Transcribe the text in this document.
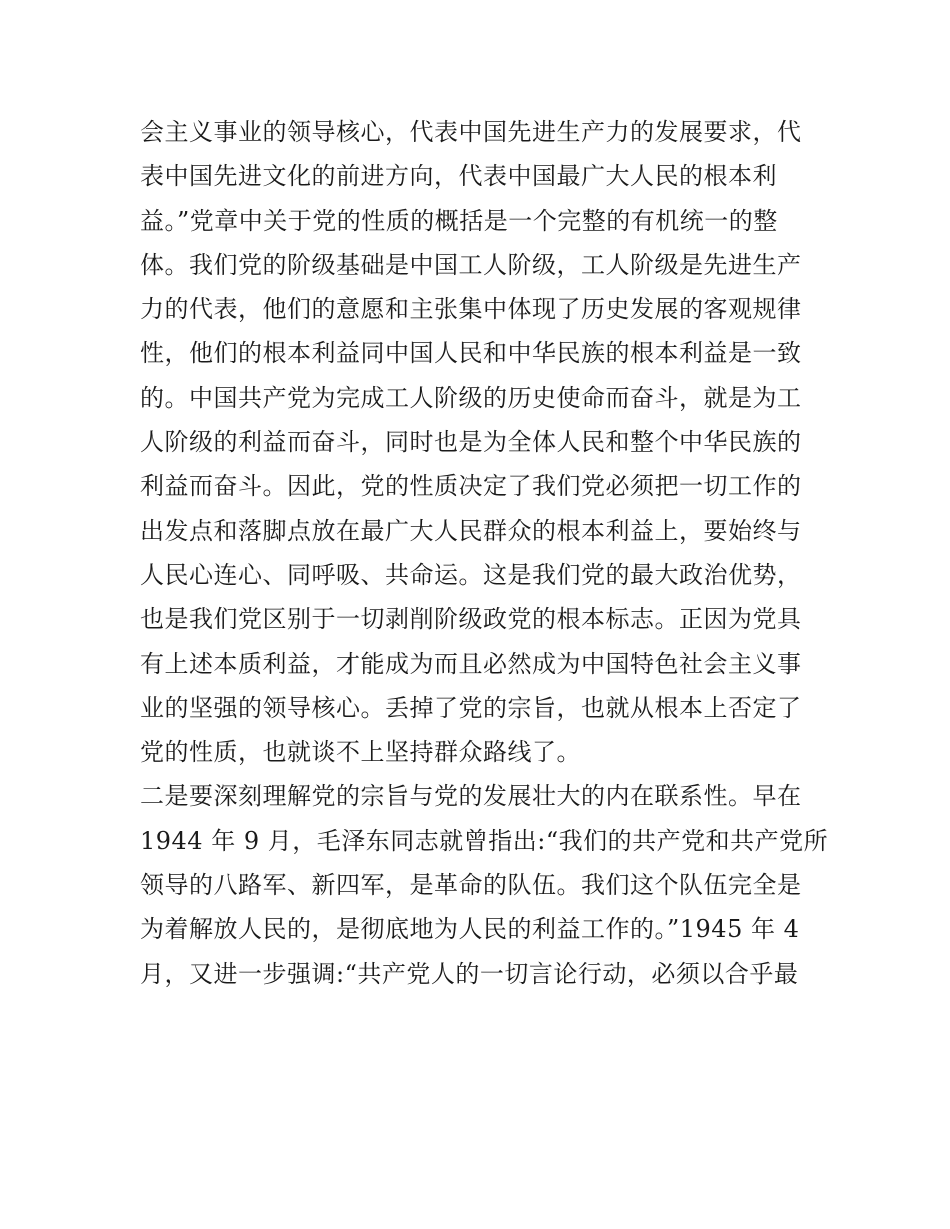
会主义事业的领导核心，代表中国先进生产力的发展要求，代
表中国先进文化的前进方向，代表中国最广大人民的根本利
益。”党章中关于党的性质的概括是一个完整的有机统一的整
体。我们党的阶级基础是中国工人阶级，工人阶级是先进生产
力的代表，他们的意愿和主张集中体现了历史发展的客观规律
性，他们的根本利益同中国人民和中华民族的根本利益是一致
的。中国共产党为完成工人阶级的历史使命而奋斗，就是为工
人阶级的利益而奋斗，同时也是为全体人民和整个中华民族的
利益而奋斗。因此，党的性质决定了我们党必须把一切工作的
出发点和落脚点放在最广大人民群众的根本利益上，要始终与
人民心连心、同呼吸、共命运。这是我们党的最大政治优势，
也是我们党区别于一切剥削阶级政党的根本标志。正因为党具
有上述本质利益，才能成为而且必然成为中国特色社会主义事
业的坚强的领导核心。丢掉了党的宗旨，也就从根本上否定了
党的性质，也就谈不上坚持群众路线了。
二是要深刻理解党的宗旨与党的发展壮大的内在联系性。早在
1944 年 9 月，毛泽东同志就曾指出:“我们的共产党和共产党所
领导的八路军、新四军，是革命的队伍。我们这个队伍完全是
为着解放人民的，是彻底地为人民的利益工作的。”1945 年 4
月，又进一步强调:“共产党人的一切言论行动，必须以合乎最
